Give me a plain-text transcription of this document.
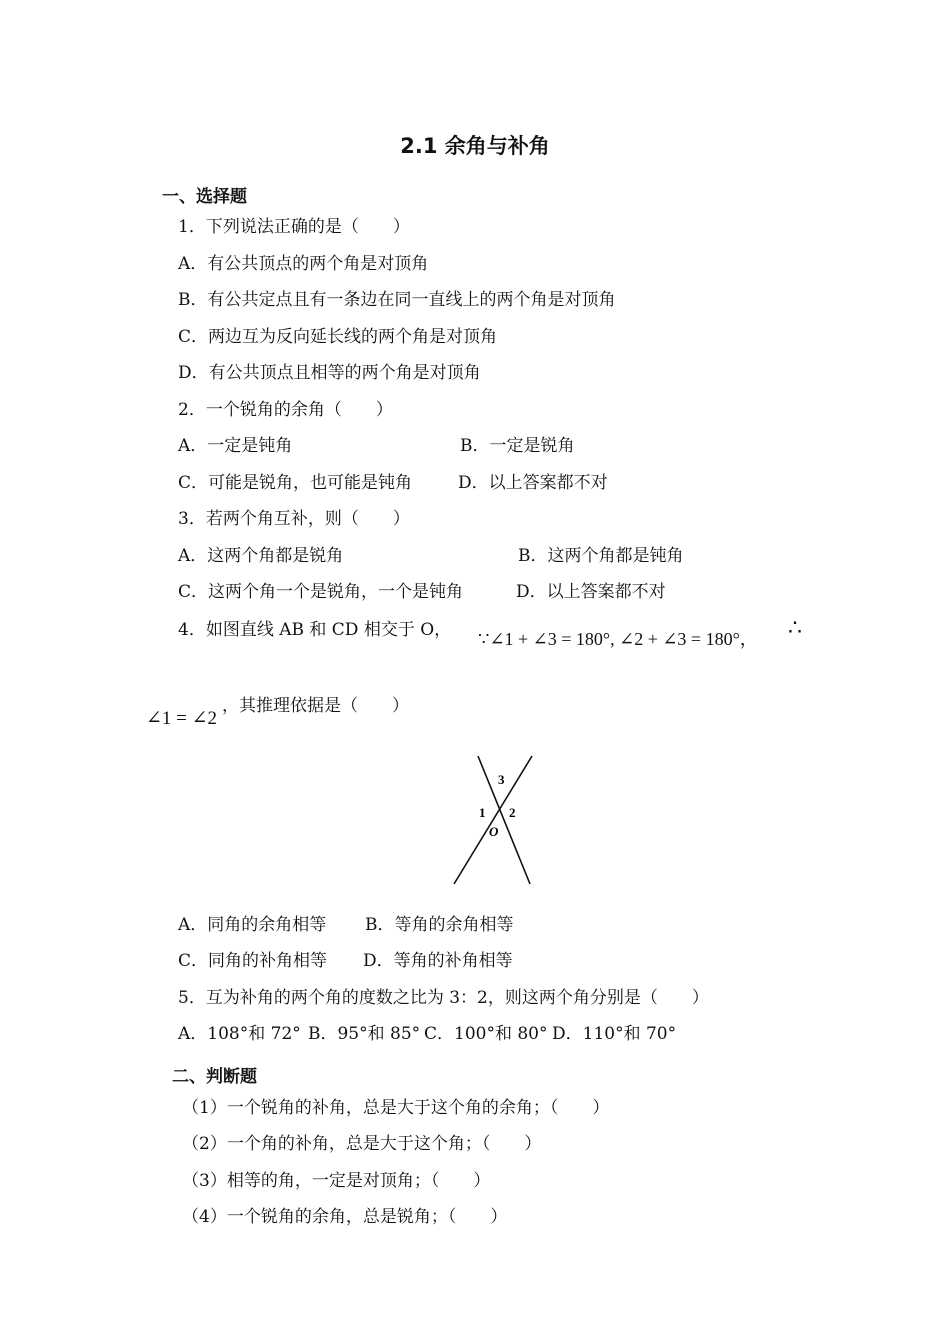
2.1 余角与补角
一、选择题
1．下列说法正确的是（　　）
A．有公共顶点的两个角是对顶角
B．有公共定点且有一条边在同一直线上的两个角是对顶角
C．两边互为反向延长线的两个角是对顶角
D．有公共顶点且相等的两个角是对顶角
2．一个锐角的余角（　　）
A．一定是钝角	B．一定是锐角
C．可能是锐角，也可能是钝角	D．以上答案都不对
3．若两个角互补，则（　　）
A．这两个角都是锐角	B．这两个角都是钝角
C．这两个角一个是锐角，一个是钝角	D．以上答案都不对
4．如图直线 AB 和 CD 相交于 O， ∵∠1 + ∠3 = 180°, ∠2 + ∠3 = 180°， ∴
∠1 = ∠2
，其推理依据是（　　）
3
1 2
O
A．同角的余角相等 B．等角的余角相等
C．同角的补角相等 D．等角的补角相等
5．互为补角的两个角的度数之比为 3：2，则这两个角分别是（　　）
A．108°和 72° B．95°和 85° C．100°和 80° D．110°和 70°
二、判断题
（1）一个锐角的补角，总是大于这个角的余角；（　　）
（2）一个角的补角，总是大于这个角；（　　）
（3）相等的角，一定是对顶角；（　　）
（4）一个锐角的余角，总是锐角；（　　）
